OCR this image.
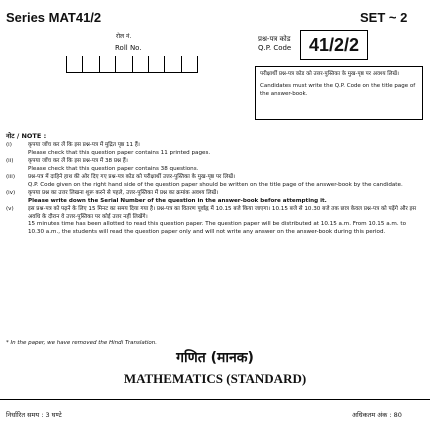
Series MAT41/2	SET ~ 2
रोल नं.
Roll No.
प्रश्न-पत्र कोड
Q.P. Code 41/2/2
परीक्षार्थी प्रश्न-पत्र कोड को उत्तर-पुस्तिका के मुख-पृष्ठ पर अवश्य लिखें।
Candidates must write the Q.P. Code on the title page of the answer-book.
नोट / NOTE :
(i)	कृपया जाँच कर लें कि इस प्रश्न-पत्र में मुद्रित पृष्ठ 11 हैं।
Please check that this question paper contains 11 printed pages.
(ii)	कृपया जाँच कर लें कि इस प्रश्न-पत्र में 38 प्रश्न हैं।
Please check that this question paper contains 38 questions.
(iii)	प्रश्न-पत्र में दाहिने हाथ की ओर दिए गए प्रश्न-पत्र कोड को परीक्षार्थी उत्तर-पुस्तिका के मुख-पृष्ठ पर लिखें।
Q.P. Code given on the right hand side of the question paper should be written on the title page of the answer-book by the candidate.
(iv)	कृपया प्रश्न का उत्तर लिखना शुरू करने से पहले, उत्तर-पुस्तिका में प्रश्न का क्रमांक अवश्य लिखें।
Please write down the Serial Number of the question in the answer-book before attempting it.
(v)	इस प्रश्न-पत्र को पढ़ने के लिए 15 मिनट का समय दिया गया है। प्रश्न-पत्र का वितरण पूर्वाह्न में 10.15 बजे किया जाएगा। 10.15 बजे से 10.30 बजे तक छात्र केवल प्रश्न-पत्र को पढ़ेंगे और इस अवधि के दौरान वे उत्तर-पुस्तिका पर कोई उत्तर नहीं लिखेंगे।
15 minutes time has been allotted to read this question paper. The question paper will be distributed at 10.15 a.m. From 10.15 a.m. to 10.30 a.m., the students will read the question paper only and will not write any answer on the answer-book during this period.
* In the paper, we have removed the Hindi Translation.
गणित (मानक)
MATHEMATICS (STANDARD)
निर्धारित समय : 3 घण्टे	अधिकतम अंक : 80
